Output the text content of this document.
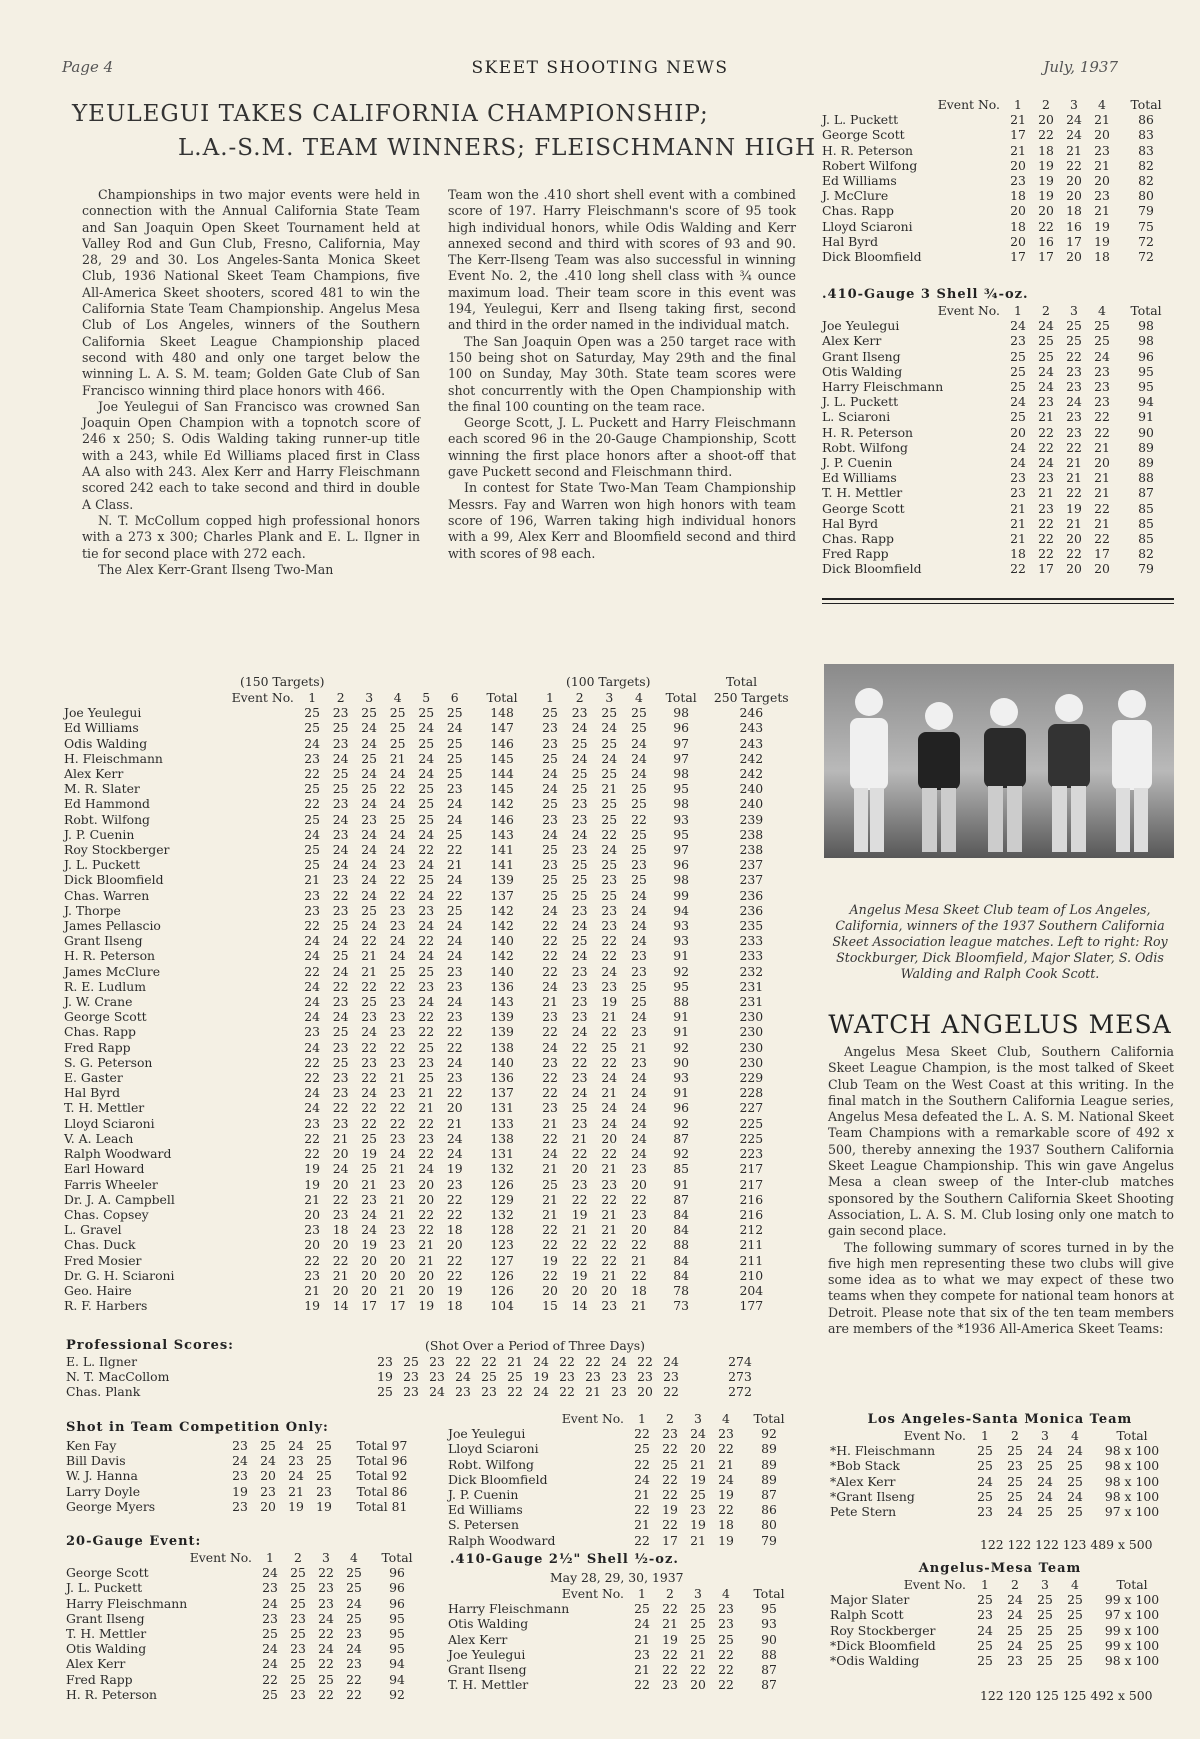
Page 4	SKEET SHOOTING NEWS	July, 1937
YEULEGUI TAKES CALIFORNIA CHAMPIONSHIP;
L.A.-S.M. TEAM WINNERS; FLEISCHMANN HIGH

Championships in two major events were held in connection with the Annual California State Team and San Joaquin Open Skeet Tournament held at Valley Rod and Gun Club, Fresno, California, May 28, 29 and 30. Los Angeles-Santa Monica Skeet Club, 1936 National Skeet Team Champions, five All-America Skeet shooters, scored 481 to win the California State Team Championship. Angelus Mesa Club of Los Angeles, winners of the Southern California Skeet League Championship placed second with 480 and only one target below the winning L. A. S. M. team; Golden Gate Club of San Francisco winning third place honors with 466.

Joe Yeulegui of San Francisco was crowned San Joaquin Open Champion with a topnotch score of 246 x 250; S. Odis Walding taking runner-up title with a 243, while Ed Williams placed first in Class AA also with 243. Alex Kerr and Harry Fleischmann scored 242 each to take second and third in double A Class.

N. T. McCollum copped high professional honors with a 273 x 300; Charles Plank and E. L. Ilgner in tie for second place with 272 each.

The Alex Kerr-Grant Ilseng Two-Man

Team won the .410 short shell event with a combined score of 197. Harry Fleischmann's score of 95 took high individual honors, while Odis Walding and Kerr annexed second and third with scores of 93 and 90. The Kerr-Ilseng Team was also successful in winning Event No. 2, the .410 long shell class with ¾ ounce maximum load. Their team score in this event was 194, Yeulegui, Kerr and Ilseng taking first, second and third in the order named in the individual match.

The San Joaquin Open was a 250 target race with 150 being shot on Saturday, May 29th and the final 100 on Sunday, May 30th. State team scores were shot concurrently with the Open Championship with the final 100 counting on the team race.

George Scott, J. L. Puckett and Harry Fleischmann each scored 96 in the 20-Gauge Championship, Scott winning the first place honors after a shoot-off that gave Puckett second and Fleischmann third.

In contest for State Two-Man Team Championship Messrs. Fay and Warren won high honors with team score of 196, Warren taking high individual honors with a 99, Alex Kerr and Bloomfield second and third with scores of 98 each.

(150 Targets)	(100 Targets)	Total
Event No.	1	2	3	4	5	6	Total	1	2	3	4	Total	250 Targets
Joe Yeulegui	25	23	25	25	25	25	148	25	23	25	25	98	246
Ed Williams	25	25	24	25	24	24	147	23	24	24	25	96	243
Odis Walding	24	23	24	25	25	25	146	23	25	25	24	97	243
H. Fleischmann	23	24	25	21	24	25	145	25	24	24	24	97	242
Alex Kerr	22	25	24	24	24	25	144	24	25	25	24	98	242
M. R. Slater	25	25	25	22	25	23	145	24	25	21	25	95	240
Ed Hammond	22	23	24	24	25	24	142	25	23	25	25	98	240
Robt. Wilfong	25	24	23	25	25	24	146	23	23	25	22	93	239
J. P. Cuenin	24	23	24	24	24	25	143	24	24	22	25	95	238
Roy Stockberger	25	24	24	24	22	22	141	25	23	24	25	97	238
J. L. Puckett	25	24	24	23	24	21	141	23	25	25	23	96	237
Dick Bloomfield	21	23	24	22	25	24	139	25	25	23	25	98	237
Chas. Warren	23	22	24	22	24	22	137	25	25	25	24	99	236
J. Thorpe	23	23	25	23	23	25	142	24	23	23	24	94	236
James Pellascio	22	25	24	23	24	24	142	22	24	23	24	93	235
Grant Ilseng	24	24	22	24	22	24	140	22	25	22	24	93	233
H. R. Peterson	24	25	21	24	24	24	142	22	24	22	23	91	233
James McClure	22	24	21	25	25	23	140	22	23	24	23	92	232
R. E. Ludlum	24	22	22	22	23	23	136	24	23	23	25	95	231
J. W. Crane	24	23	25	23	24	24	143	21	23	19	25	88	231
George Scott	24	24	23	23	22	23	139	23	23	21	24	91	230
Chas. Rapp	23	25	24	23	22	22	139	22	24	22	23	91	230
Fred Rapp	24	23	22	22	25	22	138	24	22	25	21	92	230
S. G. Peterson	22	25	23	23	23	24	140	23	22	22	23	90	230
E. Gaster	22	23	22	21	25	23	136	22	23	24	24	93	229
Hal Byrd	24	23	24	23	21	22	137	22	24	21	24	91	228
T. H. Mettler	24	22	22	22	21	20	131	23	25	24	24	96	227
Lloyd Sciaroni	23	23	22	22	22	21	133	21	23	24	24	92	225
V. A. Leach	22	21	25	23	23	24	138	22	21	20	24	87	225
Ralph Woodward	22	20	19	24	22	24	131	24	22	22	24	92	223
Earl Howard	19	24	25	21	24	19	132	21	20	21	23	85	217
Farris Wheeler	19	20	21	23	20	23	126	25	23	23	20	91	217
Dr. J. A. Campbell	21	22	23	21	20	22	129	21	22	22	22	87	216
Chas. Copsey	20	23	24	21	22	22	132	21	19	21	23	84	216
L. Gravel	23	18	24	23	22	18	128	22	21	21	20	84	212
Chas. Duck	20	20	19	23	21	20	123	22	22	22	22	88	211
Fred Mosier	22	22	20	20	21	22	127	19	22	22	21	84	211
Dr. G. H. Sciaroni	23	21	20	20	20	22	126	22	19	21	22	84	210
Geo. Haire	21	20	20	21	20	19	126	20	20	20	18	78	204
R. F. Harbers	19	14	17	17	19	18	104	15	14	23	21	73	177
Professional Scores:	(Shot Over a Period of Three Days)
E. L. Ilgner	23	25	23	22	22	21	24	22	22	24	22	24	274
N. T. MacCollom	19	23	23	24	25	25	19	23	23	23	23	23	273
Chas. Plank	25	23	24	23	23	22	24	22	21	23	20	22	272
Shot in Team Competition Only:
Ken Fay	23	25	24	25	Total 97
Bill Davis	24	24	23	25	Total 96
W. J. Hanna	23	20	24	25	Total 92
Larry Doyle	19	23	21	23	Total 86
George Myers	23	20	19	19	Total 81
20-Gauge Event:
Event No.	1	2	3	4	Total
George Scott	24	25	22	25	96
J. L. Puckett	23	25	23	25	96
Harry Fleischmann	24	25	23	24	96
Grant Ilseng	23	23	24	25	95
T. H. Mettler	25	25	22	23	95
Otis Walding	24	23	24	24	95
Alex Kerr	24	25	22	23	94
Fred Rapp	22	25	25	22	94
H. R. Peterson	25	23	22	22	92
Event No.	1	2	3	4	Total
Joe Yeulegui	22	23	24	23	92
Lloyd Sciaroni	25	22	20	22	89
Robt. Wilfong	22	25	21	21	89
Dick Bloomfield	24	22	19	24	89
J. P. Cuenin	21	22	25	19	87
Ed Williams	22	19	23	22	86
S. Petersen	21	22	19	18	80
Ralph Woodward	22	17	21	19	79
.410-Gauge 2½" Shell ½-oz.
May 28, 29, 30, 1937
Event No.	1	2	3	4	Total
Harry Fleischmann	25	22	25	23	95
Otis Walding	24	21	25	23	93
Alex Kerr	21	19	25	25	90
Joe Yeulegui	23	22	21	22	88
Grant Ilseng	21	22	22	22	87
T. H. Mettler	22	23	20	22	87
Event No.	1	2	3	4	Total
J. L. Puckett	21	20	24	21	86
George Scott	17	22	24	20	83
H. R. Peterson	21	18	21	23	83
Robert Wilfong	20	19	22	21	82
Ed Williams	23	19	20	20	82
J. McClure	18	19	20	23	80
Chas. Rapp	20	20	18	21	79
Lloyd Sciaroni	18	22	16	19	75
Hal Byrd	20	16	17	19	72
Dick Bloomfield	17	17	20	18	72
.410-Gauge 3 Shell ¾-oz.
Event No.	1	2	3	4	Total
Joe Yeulegui	24	24	25	25	98
Alex Kerr	23	25	25	25	98
Grant Ilseng	25	25	22	24	96
Otis Walding	25	24	23	23	95
Harry Fleischmann	25	24	23	23	95
J. L. Puckett	24	23	24	23	94
L. Sciaroni	25	21	23	22	91
H. R. Peterson	20	22	23	22	90
Robt. Wilfong	24	22	22	21	89
J. P. Cuenin	24	24	21	20	89
Ed Williams	23	23	21	21	88
T. H. Mettler	23	21	22	21	87
George Scott	21	23	19	22	85
Hal Byrd	21	22	21	21	85
Chas. Rapp	21	22	20	22	85
Fred Rapp	18	22	22	17	82
Dick Bloomfield	22	17	20	20	79
Angelus Mesa Skeet Club team of Los Angeles, California, winners of the 1937 Southern California Skeet Association league matches. Left to right: Roy Stockburger, Dick Bloomfield, Major Slater, S. Odis Walding and Ralph Cook Scott.
WATCH ANGELUS MESA

Angelus Mesa Skeet Club, Southern California Skeet League Champion, is the most talked of Skeet Club Team on the West Coast at this writing. In the final match in the Southern California League series, Angelus Mesa defeated the L. A. S. M. National Skeet Team Champions with a remarkable score of 492 x 500, thereby annexing the 1937 Southern California Skeet League Championship. This win gave Angelus Mesa a clean sweep of the Inter-club matches sponsored by the Southern California Skeet Shooting Association, L. A. S. M. Club losing only one match to gain second place.

The following summary of scores turned in by the five high men representing these two clubs will give some idea as to what we may expect of these two teams when they compete for national team honors at Detroit. Please note that six of the ten team members are members of the *1936 All-America Skeet Teams:

Los Angeles-Santa Monica Team
Event No.	1	2	3	4	Total
*H. Fleischmann	25	25	24	24	98 x 100
*Bob Stack	25	23	25	25	98 x 100
*Alex Kerr	24	25	24	25	98 x 100
*Grant Ilseng	25	25	24	24	98 x 100
Pete Stern	23	24	25	25	97 x 100
122 122 122 123 489 x 500
Angelus-Mesa Team
Event No.	1	2	3	4	Total
Major Slater	25	24	25	25	99 x 100
Ralph Scott	23	24	25	25	97 x 100
Roy Stockberger	24	25	25	25	99 x 100
*Dick Bloomfield	25	24	25	25	99 x 100
*Odis Walding	25	23	25	25	98 x 100
122 120 125 125 492 x 500
